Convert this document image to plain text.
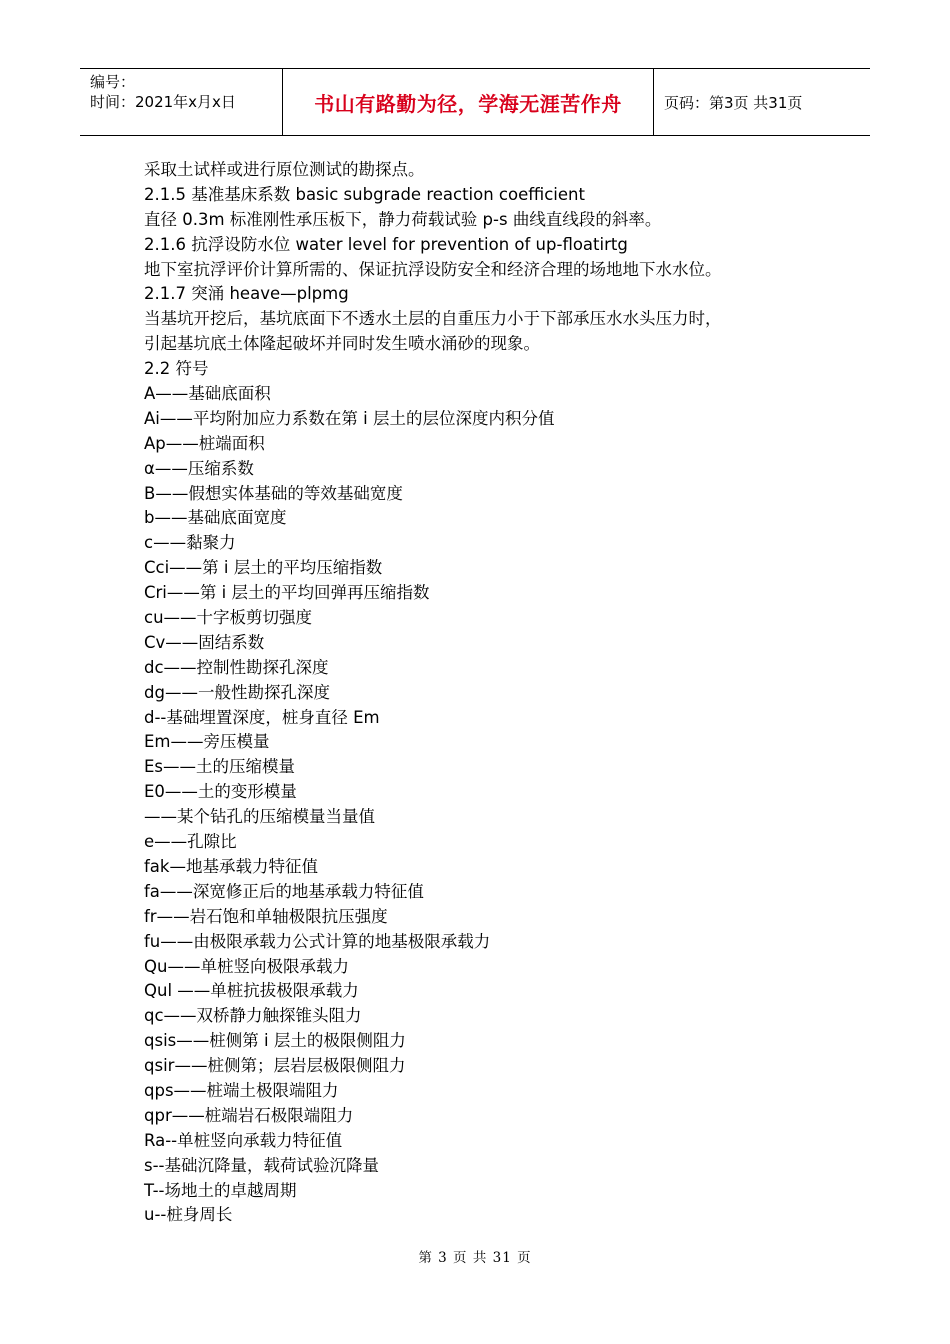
编号：
时间：2021年x月x日	书山有路勤为径，学海无涯苦作舟	页码：第3页 共31页
采取土试样或进行原位测试的勘探点。
2.1.5 基准基床系数 basic subgrade reaction coefficient
直径 0.3m 标准刚性承压板下，静力荷载试验 p-s 曲线直线段的斜率。
2.1.6 抗浮设防水位 water level for prevention of up-floatirtg
地下室抗浮评价计算所需的、保证抗浮设防安全和经济合理的场地地下水水位。
2.1.7 突涌 heave—plpmg
当基坑开挖后，基坑底面下不透水土层的自重压力小于下部承压水水头压力时，
引起基坑底土体隆起破坏并同时发生喷水涌砂的现象。
2.2 符号
A——基础底面积
Ai——平均附加应力系数在第 i 层土的层位深度内积分值
Ap——桩端面积
α——压缩系数
B——假想实体基础的等效基础宽度
b——基础底面宽度
c——黏聚力
Cci——第 i 层土的平均压缩指数
Cri——第 i 层土的平均回弹再压缩指数
cu——十字板剪切强度
Cv——固结系数
dc——控制性勘探孔深度
dg——一般性勘探孔深度
d--基础埋置深度，桩身直径 Em
Em——旁压模量
Es——土的压缩模量
E0——土的变形模量
——某个钻孔的压缩模量当量值
e——孔隙比
fak—地基承载力特征值
fa——深宽修正后的地基承载力特征值
fr——岩石饱和单轴极限抗压强度
fu——由极限承载力公式计算的地基极限承载力
Qu——单桩竖向极限承载力
Qul ——单桩抗拔极限承载力
qc——双桥静力触探锥头阻力
qsis——桩侧第 i 层土的极限侧阻力
qsir——桩侧第；层岩层极限侧阻力
qps——桩端土极限端阻力
qpr——桩端岩石极限端阻力
Ra--单桩竖向承载力特征值
s--基础沉降量，载荷试验沉降量
T--场地土的卓越周期
u--桩身周长
第 3 页 共 31 页
